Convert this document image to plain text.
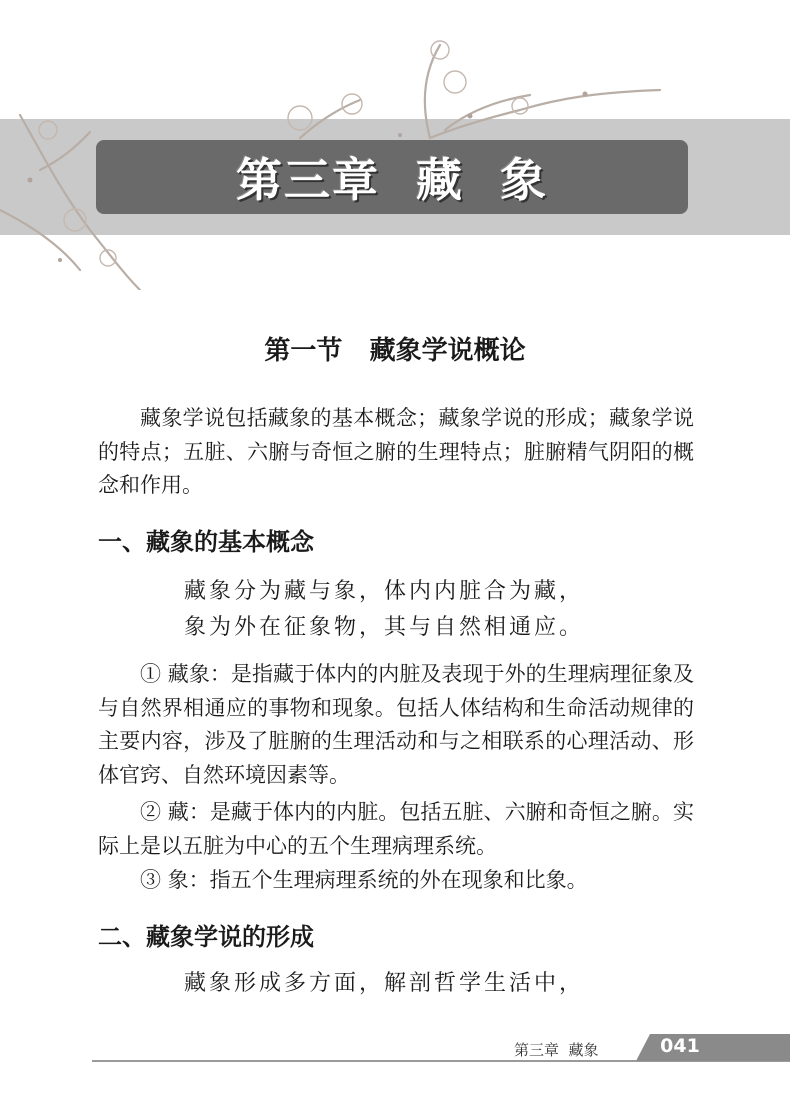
第三章  藏  象
第一节   藏象学说概论

藏象学说包括藏象的基本概念；藏象学说的形成；藏象学说的特点；五脏、六腑与奇恒之腑的生理特点；脏腑精气阴阳的概念和作用。

一、藏象的基本概念
藏象分为藏与象，体内内脏合为藏，
象为外在征象物，其与自然相通应。

① 藏象：是指藏于体内的内脏及表现于外的生理病理征象及与自然界相通应的事物和现象。包括人体结构和生命活动规律的主要内容，涉及了脏腑的生理活动和与之相联系的心理活动、形体官窍、自然环境因素等。

② 藏：是藏于体内的内脏。包括五脏、六腑和奇恒之腑。实际上是以五脏为中心的五个生理病理系统。

③ 象：指五个生理病理系统的外在现象和比象。

二、藏象学说的形成
藏象形成多方面，解剖哲学生活中，
第三章  藏象	041
